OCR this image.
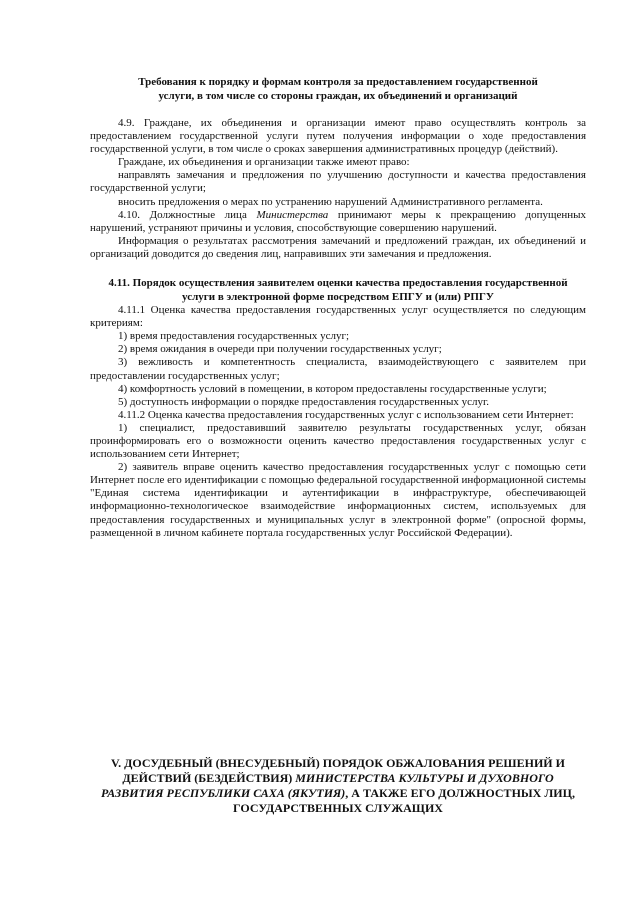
Требования к порядку и формам контроля за предоставлением государственной услуги, в том числе со стороны граждан, их объединений и организаций

4.9. Граждане, их объединения и организации имеют право осуществлять контроль за предоставлением государственной услуги путем получения информации о ходе предоставления государственной услуги, в том числе о сроках завершения административных процедур (действий).

Граждане, их объединения и организации также имеют право:

направлять замечания и предложения по улучшению доступности и качества предоставления государственной услуги;

вносить предложения о мерах по устранению нарушений Административного регламента.

4.10. Должностные лица Министерства принимают меры к прекращению допущенных нарушений, устраняют причины и условия, способствующие совершению нарушений.

Информация о результатах рассмотрения замечаний и предложений граждан, их объединений и организаций доводится до сведения лиц, направивших эти замечания и предложения.

4.11. Порядок осуществления заявителем оценки качества предоставления государственной услуги в электронной форме посредством ЕПГУ и (или) РПГУ

4.11.1 Оценка качества предоставления государственных услуг осуществляется по следующим критериям:

1) время предоставления государственных услуг;

2) время ожидания в очереди при получении государственных услуг;

3) вежливость и компетентность специалиста, взаимодействующего с заявителем при предоставлении государственных услуг;

4) комфортность условий в помещении, в котором предоставлены государственные услуги;

5) доступность информации о порядке предоставления государственных услуг.

4.11.2 Оценка качества предоставления государственных услуг с использованием сети Интернет:

1) специалист, предоставивший заявителю результаты государственных услуг, обязан проинформировать его о возможности оценить качество предоставления государственных услуг с использованием сети Интернет;

2) заявитель вправе оценить качество предоставления государственных услуг с помощью сети Интернет после его идентификации с помощью федеральной государственной информационной системы "Единая система идентификации и аутентификации в инфраструктуре, обеспечивающей информационно-технологическое взаимодействие информационных систем, используемых для предоставления государственных и муниципальных услуг в электронной форме" (опросной формы, размещенной в личном кабинете портала государственных услуг Российской Федерации).

V. ДОСУДЕБНЫЙ (ВНЕСУДЕБНЫЙ) ПОРЯДОК ОБЖАЛОВАНИЯ РЕШЕНИЙ И ДЕЙСТВИЙ (БЕЗДЕЙСТВИЯ) МИНИСТЕРСТВА КУЛЬТУРЫ И ДУХОВНОГО РАЗВИТИЯ РЕСПУБЛИКИ САХА (ЯКУТИЯ), А ТАКЖЕ ЕГО ДОЛЖНОСТНЫХ ЛИЦ, ГОСУДАРСТВЕННЫХ СЛУЖАЩИХ
